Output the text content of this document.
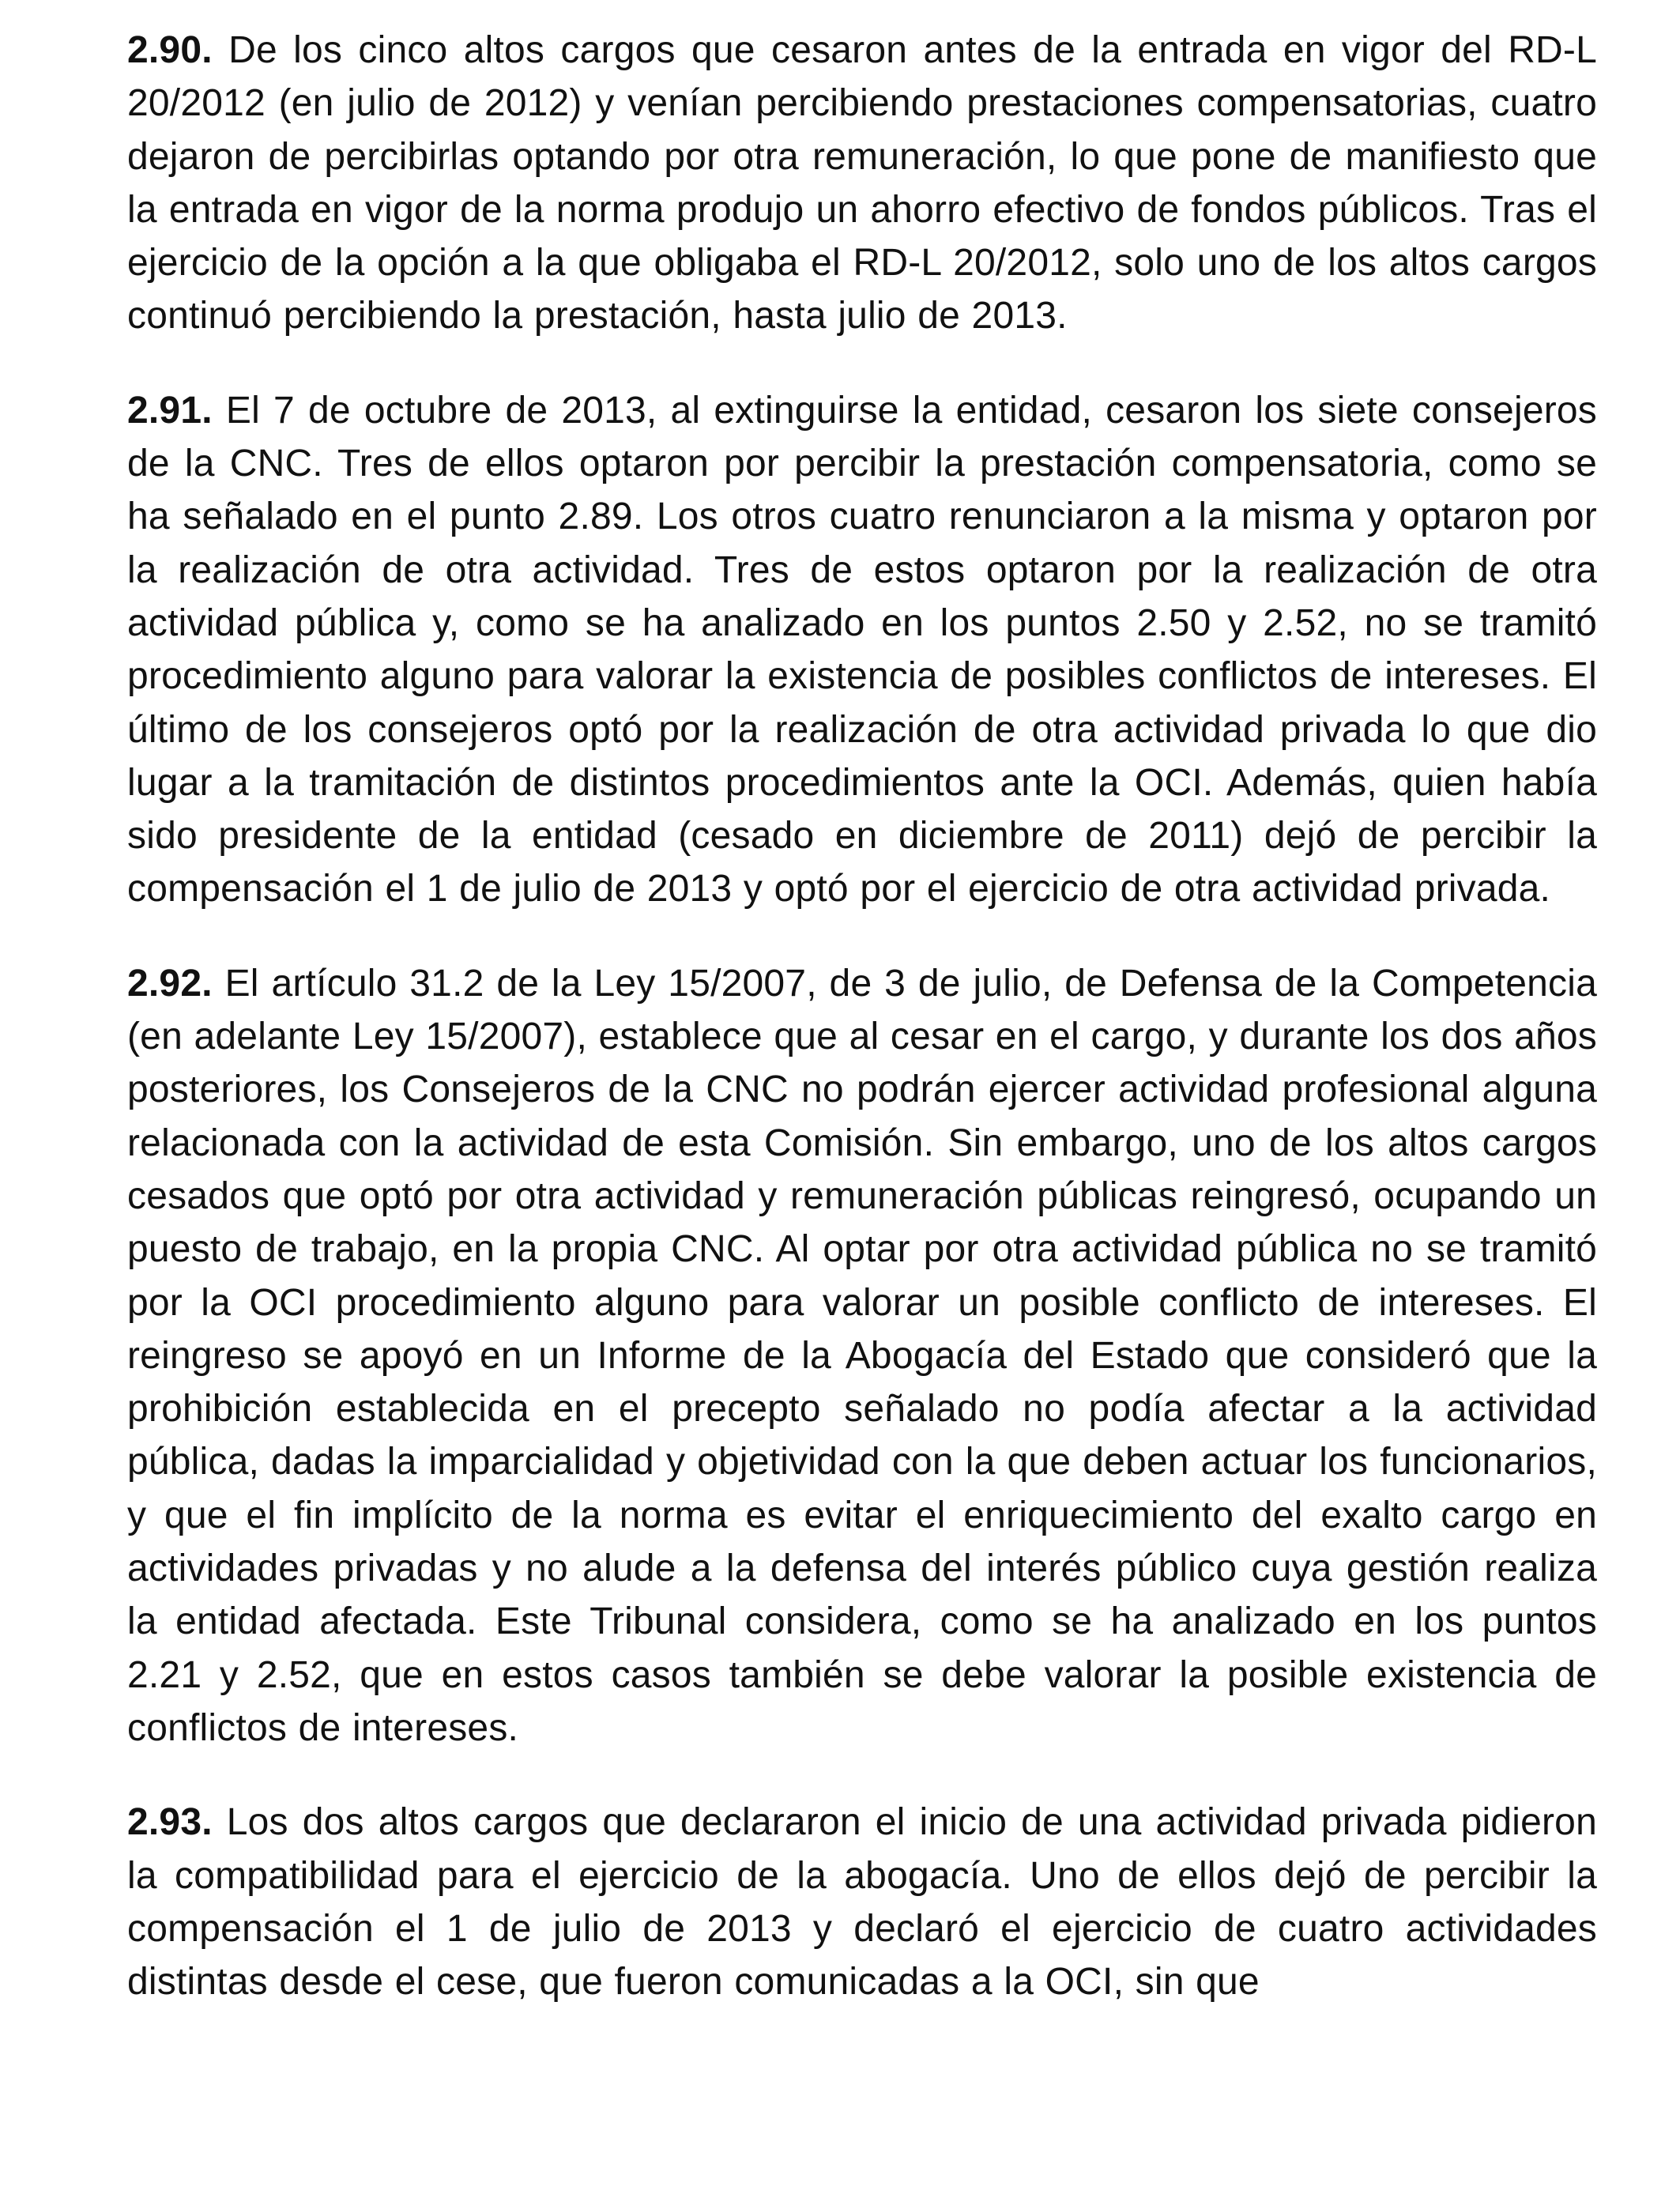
2.90. De los cinco altos cargos que cesaron antes de la entrada en vigor del RD-L 20/2012 (en julio de 2012) y venían percibiendo prestaciones compensatorias, cuatro dejaron de percibirlas optando por otra remuneración, lo que pone de manifiesto que la entrada en vigor de la norma produjo un ahorro efectivo de fondos públicos. Tras el ejercicio de la opción a la que obligaba el RD-L 20/2012, solo uno de los altos cargos continuó percibiendo la prestación, hasta julio de 2013.

2.91. El 7 de octubre de 2013, al extinguirse la entidad, cesaron los siete consejeros de la CNC. Tres de ellos optaron por percibir la prestación compensatoria, como se ha señalado en el punto 2.89. Los otros cuatro renunciaron a la misma y optaron por la realización de otra actividad. Tres de estos optaron por la realización de otra actividad pública y, como se ha analizado en los puntos 2.50 y 2.52, no se tramitó procedimiento alguno para valorar la existencia de posibles conflictos de intereses. El último de los consejeros optó por la realización de otra actividad privada lo que dio lugar a la tramitación de distintos procedimientos ante la OCI. Además, quien había sido presidente de la entidad (cesado en diciembre de 2011) dejó de percibir la compensación el 1 de julio de 2013 y optó por el ejercicio de otra actividad privada.

2.92. El artículo 31.2 de la Ley 15/2007, de 3 de julio, de Defensa de la Competencia (en adelante Ley 15/2007), establece que al cesar en el cargo, y durante los dos años posteriores, los Consejeros de la CNC no podrán ejercer actividad profesional alguna relacionada con la actividad de esta Comisión. Sin embargo, uno de los altos cargos cesados que optó por otra actividad y remuneración públicas reingresó, ocupando un puesto de trabajo, en la propia CNC. Al optar por otra actividad pública no se tramitó por la OCI procedimiento alguno para valorar un posible conflicto de intereses. El reingreso se apoyó en un Informe de la Abogacía del Estado que consideró que la prohibición establecida en el precepto señalado no podía afectar a la actividad pública, dadas la imparcialidad y objetividad con la que deben actuar los funcionarios, y que el fin implícito de la norma es evitar el enriquecimiento del exalto cargo en actividades privadas y no alude a la defensa del interés público cuya gestión realiza la entidad afectada. Este Tribunal considera, como se ha analizado en los puntos 2.21 y 2.52, que en estos casos también se debe valorar la posible existencia de conflictos de intereses.

2.93. Los dos altos cargos que declararon el inicio de una actividad privada pidieron la compatibilidad para el ejercicio de la abogacía. Uno de ellos dejó de percibir la compensación el 1 de julio de 2013 y declaró el ejercicio de cuatro actividades distintas desde el cese, que fueron comunicadas a la OCI, sin que
